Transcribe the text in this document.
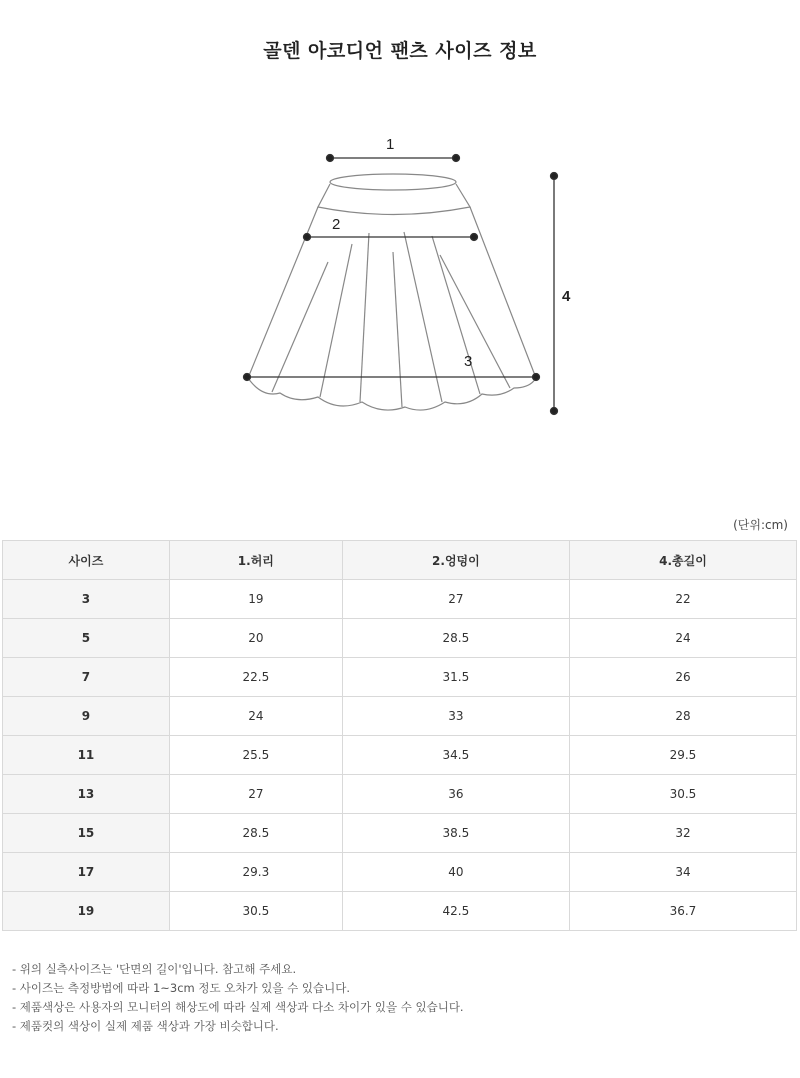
골덴 아코디언 팬츠 사이즈 정보
1
2
3
4
(단위:cm)
사이즈	1.허리	2.엉덩이	4.총길이
3	19	27	22
5	20	28.5	24
7	22.5	31.5	26
9	24	33	28
11	25.5	34.5	29.5
13	27	36	30.5
15	28.5	38.5	32
17	29.3	40	34
19	30.5	42.5	36.7
- 위의 실측사이즈는 '단면의 길이'입니다. 참고해 주세요.
- 사이즈는 측정방법에 따라 1~3cm 정도 오차가 있을 수 있습니다.
- 제품색상은 사용자의 모니터의 해상도에 따라 실제 색상과 다소 차이가 있을 수 있습니다.
- 제품컷의 색상이 실제 제품 색상과 가장 비슷합니다.
